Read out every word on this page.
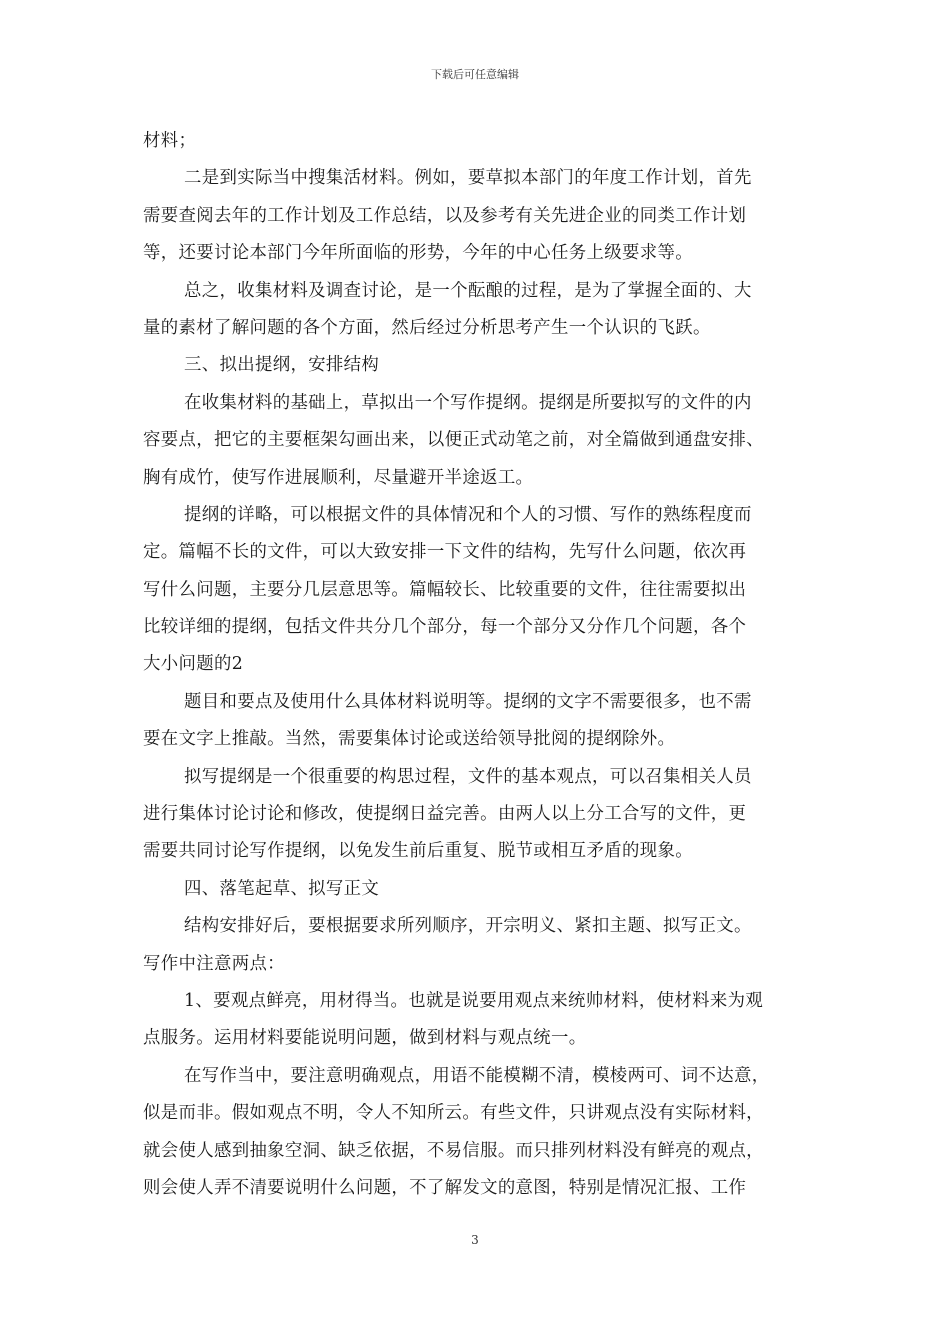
下载后可任意编辑
材料；
二是到实际当中搜集活材料。例如，要草拟本部门的年度工作计划，首先
需要查阅去年的工作计划及工作总结，以及参考有关先进企业的同类工作计划
等，还要讨论本部门今年所面临的形势，今年的中心任务上级要求等。
总之，收集材料及调查讨论，是一个酝酿的过程，是为了掌握全面的、大
量的素材了解问题的各个方面，然后经过分析思考产生一个认识的飞跃。
三、拟出提纲，安排结构
在收集材料的基础上，草拟出一个写作提纲。提纲是所要拟写的文件的内
容要点，把它的主要框架勾画出来，以便正式动笔之前，对全篇做到通盘安排、
胸有成竹，使写作进展顺利，尽量避开半途返工。
提纲的详略，可以根据文件的具体情况和个人的习惯、写作的熟练程度而
定。篇幅不长的文件，可以大致安排一下文件的结构，先写什么问题，依次再
写什么问题，主要分几层意思等。篇幅较长、比较重要的文件，往往需要拟出
比较详细的提纲，包括文件共分几个部分，每一个部分又分作几个问题，各个
大小问题的2
题目和要点及使用什么具体材料说明等。提纲的文字不需要很多，也不需
要在文字上推敲。当然，需要集体讨论或送给领导批阅的提纲除外。
拟写提纲是一个很重要的构思过程，文件的基本观点，可以召集相关人员
进行集体讨论讨论和修改，使提纲日益完善。由两人以上分工合写的文件，更
需要共同讨论写作提纲，以免发生前后重复、脱节或相互矛盾的现象。
四、落笔起草、拟写正文
结构安排好后，要根据要求所列顺序，开宗明义、紧扣主题、拟写正文。
写作中注意两点：
1、要观点鲜亮，用材得当。也就是说要用观点来统帅材料，使材料来为观
点服务。运用材料要能说明问题，做到材料与观点统一。
在写作当中，要注意明确观点，用语不能模糊不清，模棱两可、词不达意，
似是而非。假如观点不明，令人不知所云。有些文件，只讲观点没有实际材料，
就会使人感到抽象空洞、缺乏依据，不易信服。而只排列材料没有鲜亮的观点，
则会使人弄不清要说明什么问题，不了解发文的意图，特别是情况汇报、工作
3
